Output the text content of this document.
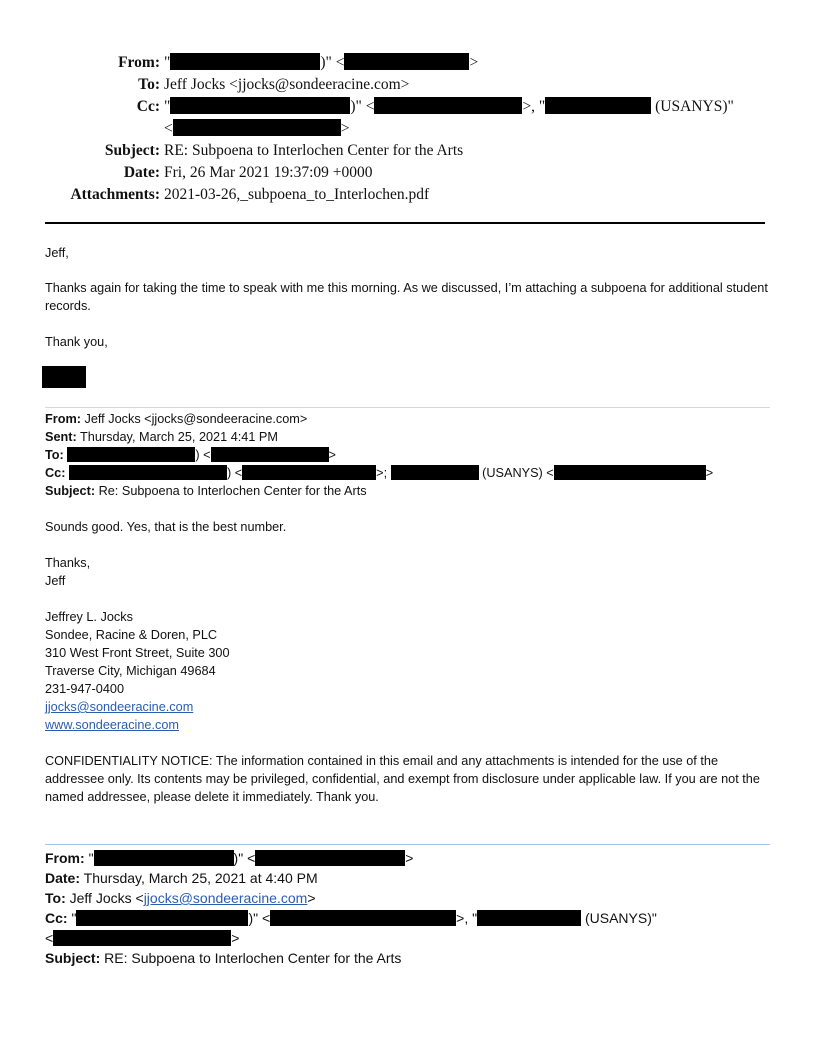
From: "	)" <	>
To: Jeff Jocks <jjocks@sondeeracine.com>
Cc: "	)" <	>, "	(USANYS)"
<	>
Subject: RE: Subpoena to Interlochen Center for the Arts
Date: Fri, 26 Mar 2021 19:37:09 +0000
Attachments: 2021-03-26,_subpoena_to_Interlochen.pdf
Jeff,
Thanks again for taking the time to speak with me this morning. As we discussed, I’m attaching a subpoena for additional student records.
Thank you,
From: Jeff Jocks <jjocks@sondeeracine.com>
Sent: Thursday, March 25, 2021 4:41 PM
To:	) <	>
Cc:	) <	>;	(USANYS) <	>
Subject: Re: Subpoena to Interlochen Center for the Arts
Sounds good. Yes, that is the best number.
Thanks,
Jeff
Jeffrey L. Jocks
Sondee, Racine & Doren, PLC
310 West Front Street, Suite 300
Traverse City, Michigan 49684
231-947-0400
jjocks@sondeeracine.com
www.sondeeracine.com
CONFIDENTIALITY NOTICE: The information contained in this email and any attachments is intended for the use of the addressee only. Its contents may be privileged, confidential, and exempt from disclosure under applicable law. If you are not the named addressee, please delete it immediately. Thank you.
From: "	)" <	>
Date: Thursday, March 25, 2021 at 4:40 PM
To: Jeff Jocks <jjocks@sondeeracine.com>
Cc: "	)" <	>, "	(USANYS)"
<	>
Subject: RE: Subpoena to Interlochen Center for the Arts
